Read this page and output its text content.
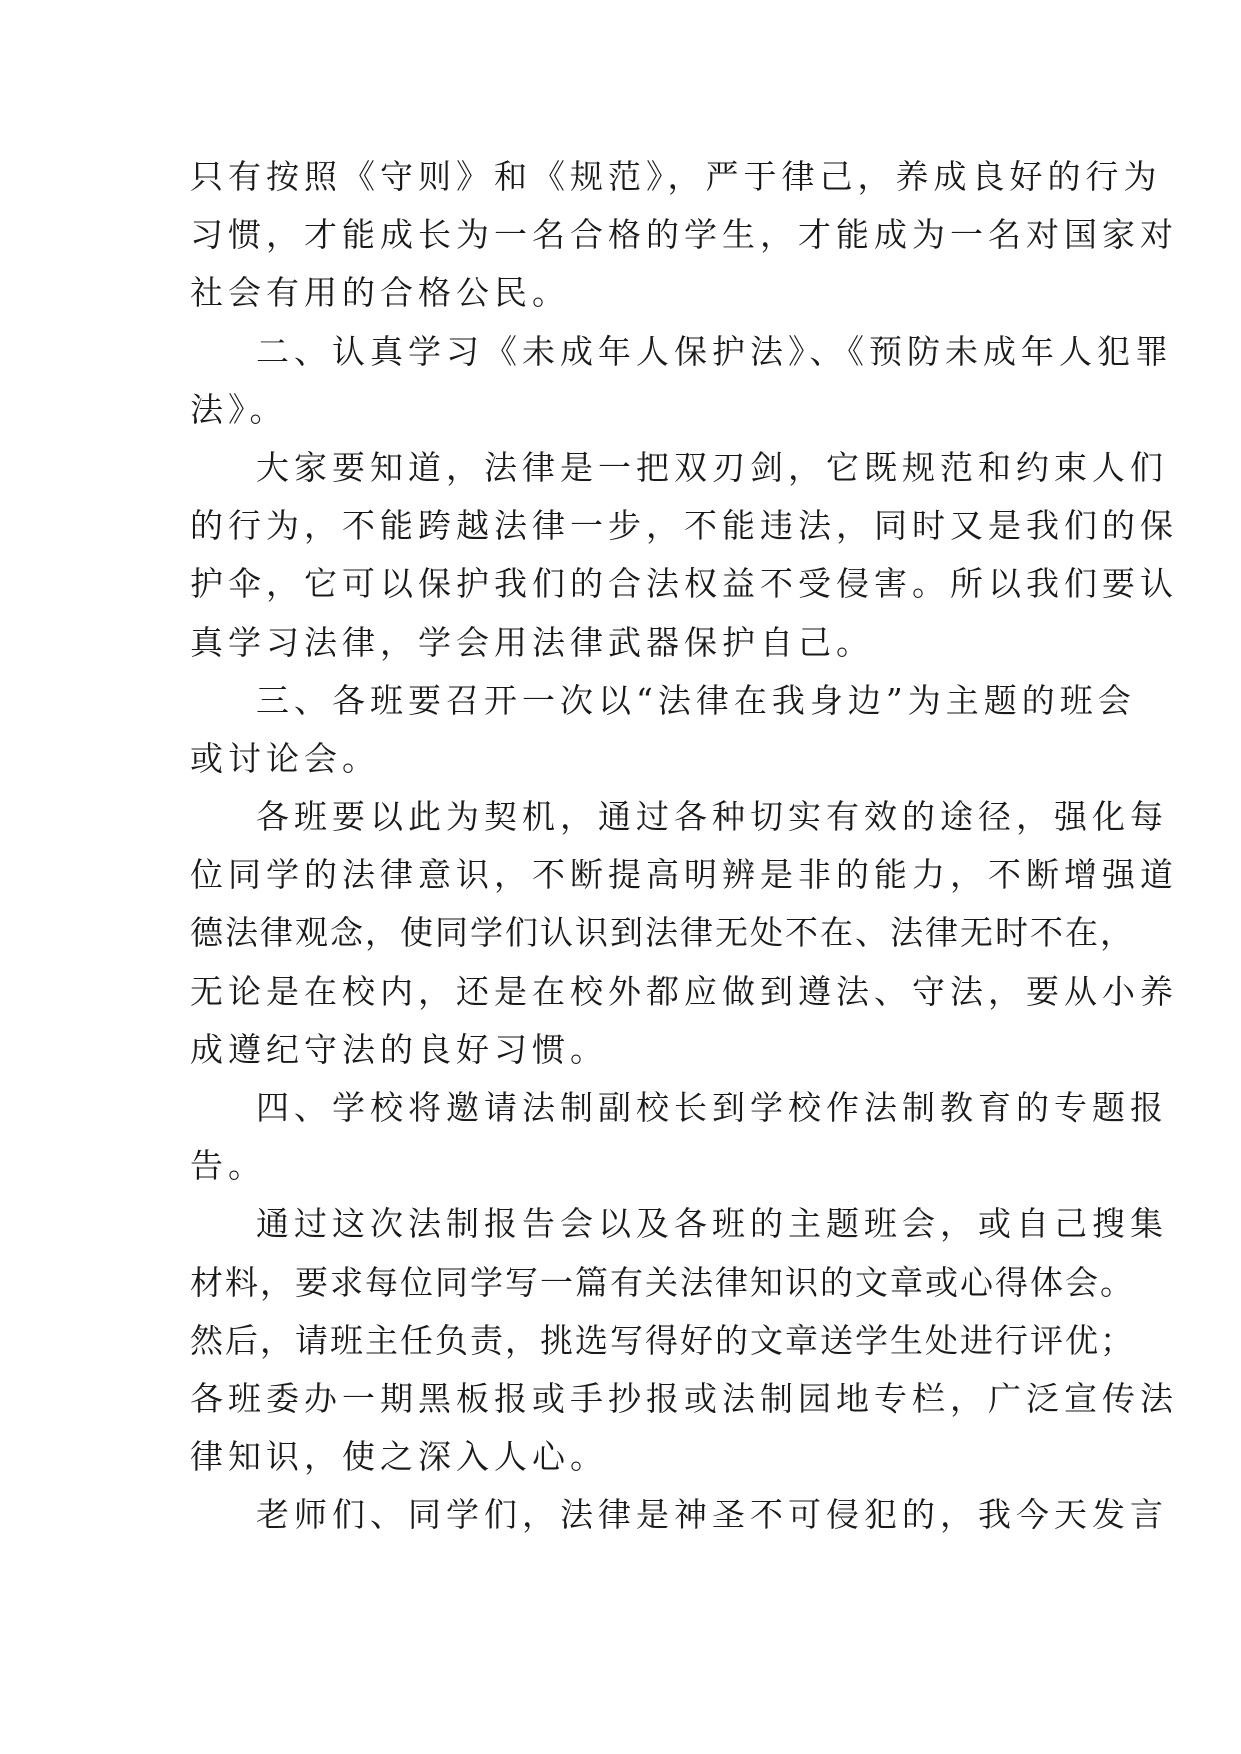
只有按照《守则》和《规范》，严于律己，养成良好的行为
习惯，才能成长为一名合格的学生，才能成为一名对国家对
社会有用的合格公民。
二、认真学习《未成年人保护法》、《预防未成年人犯罪
法》。
大家要知道，法律是一把双刃剑，它既规范和约束人们
的行为，不能跨越法律一步，不能违法，同时又是我们的保
护伞，它可以保护我们的合法权益不受侵害。所以我们要认
真学习法律，学会用法律武器保护自己。
三、各班要召开一次以“法律在我身边”为主题的班会
或讨论会。
各班要以此为契机，通过各种切实有效的途径，强化每
位同学的法律意识，不断提高明辨是非的能力，不断增强道
德法律观念，使同学们认识到法律无处不在、法律无时不在，
无论是在校内，还是在校外都应做到遵法、守法，要从小养
成遵纪守法的良好习惯。
四、学校将邀请法制副校长到学校作法制教育的专题报
告。
通过这次法制报告会以及各班的主题班会，或自己搜集
材料，要求每位同学写一篇有关法律知识的文章或心得体会。
然后，请班主任负责，挑选写得好的文章送学生处进行评优；
各班委办一期黑板报或手抄报或法制园地专栏，广泛宣传法
律知识，使之深入人心。
老师们、同学们，法律是神圣不可侵犯的，我今天发言
